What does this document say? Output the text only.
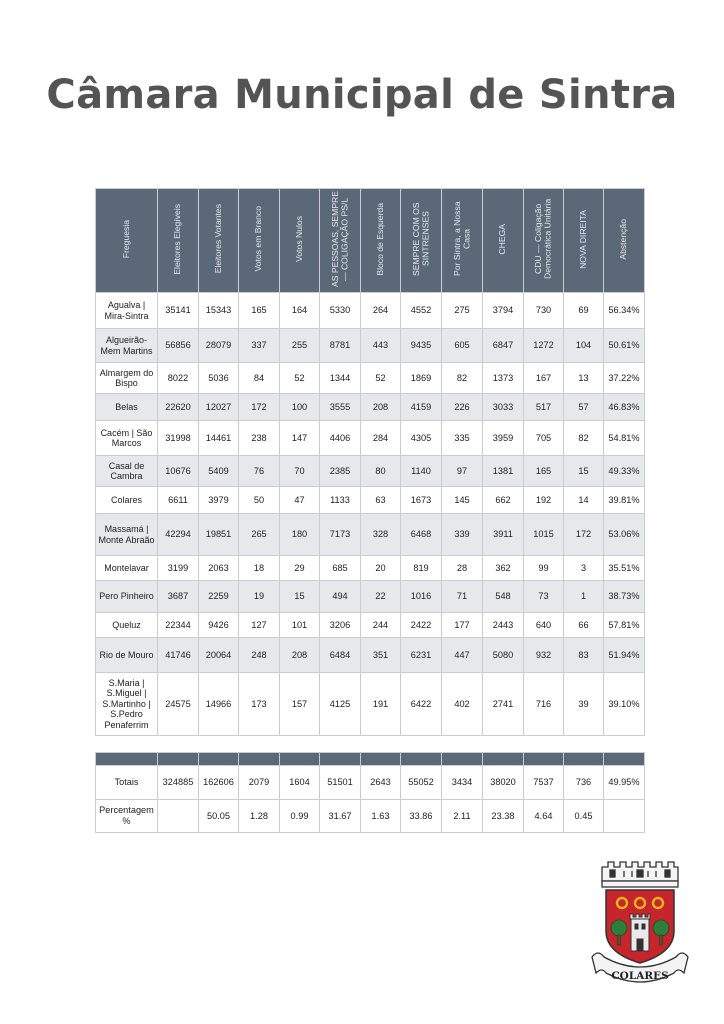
Câmara Municipal de Sintra
Freguesia	Eleitores Elegíveis	Eleitores Votantes	Votos em Branco	Votos Nulos	AS PESSOAS, SEMPRE — COLIGAÇÃO PS/L	Bloco de Esquerda	SEMPRE COM OS SINTRENSES	Por Sintra, a Nossa Casa	CHEGA	CDU — Coligação Democrática Unitária	NOVA DIREITA	Abstenção
Agualva | Mira-Sintra	35141	15343	165	164	5330	264	4552	275	3794	730	69	56.34%
Algueirão-Mem Martins	56856	28079	337	255	8781	443	9435	605	6847	1272	104	50.61%
Almargem do Bispo	8022	5036	84	52	1344	52	1869	82	1373	167	13	37.22%
Belas	22620	12027	172	100	3555	208	4159	226	3033	517	57	46.83%
Cacém | São Marcos	31998	14461	238	147	4406	284	4305	335	3959	705	82	54.81%
Casal de Cambra	10676	5409	76	70	2385	80	1140	97	1381	165	15	49.33%
Colares	6611	3979	50	47	1133	63	1673	145	662	192	14	39.81%
Massamá | Monte Abraão	42294	19851	265	180	7173	328	6468	339	3911	1015	172	53.06%
Montelavar	3199	2063	18	29	685	20	819	28	362	99	3	35.51%
Pero Pinheiro	3687	2259	19	15	494	22	1016	71	548	73	1	38.73%
Queluz	22344	9426	127	101	3206	244	2422	177	2443	640	66	57.81%
Rio de Mouro	41746	20064	248	208	6484	351	6231	447	5080	932	83	51.94%
S.Maria | S.Miguel | S.Martinho | S.Pedro Penaferrim	24575	14966	173	157	4125	191	6422	402	2741	716	39	39.10%

Totais	324885	162606	2079	1604	51501	2643	55052	3434	38020	7537	736	49.95%
Percentagem %		50.05	1.28	0.99	31.67	1.63	33.86	2.11	23.38	4.64	0.45	
COLARES
